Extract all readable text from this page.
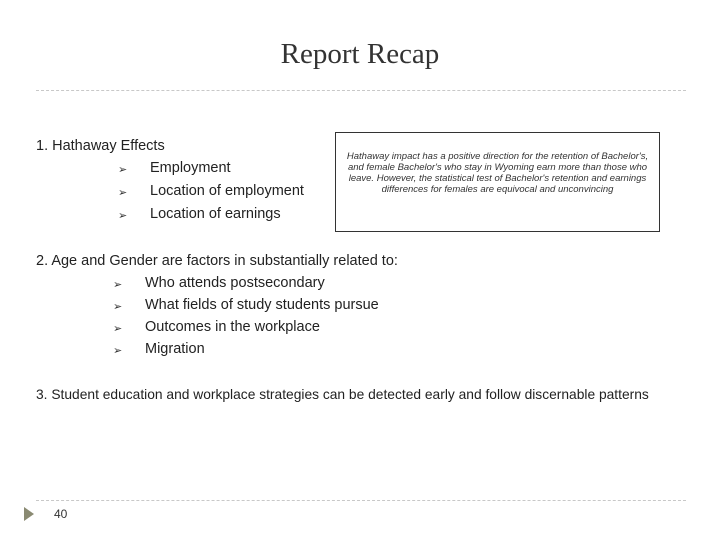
Report Recap
1. Hathaway Effects
➢ Employment
➢ Location of employment
➢ Location of earnings
Hathaway impact has a positive direction for the retention of Bachelor's, and female Bachelor's who stay in Wyoming earn more than those who leave. However, the statistical test of Bachelor's retention and earnings differences for females are equivocal and unconvincing
2. Age and Gender are factors in substantially related to:
➢ Who attends postsecondary
➢ What fields of study students pursue
➢ Outcomes in the workplace
➢ Migration
3. Student education and workplace strategies can be detected early and follow discernable patterns
40
